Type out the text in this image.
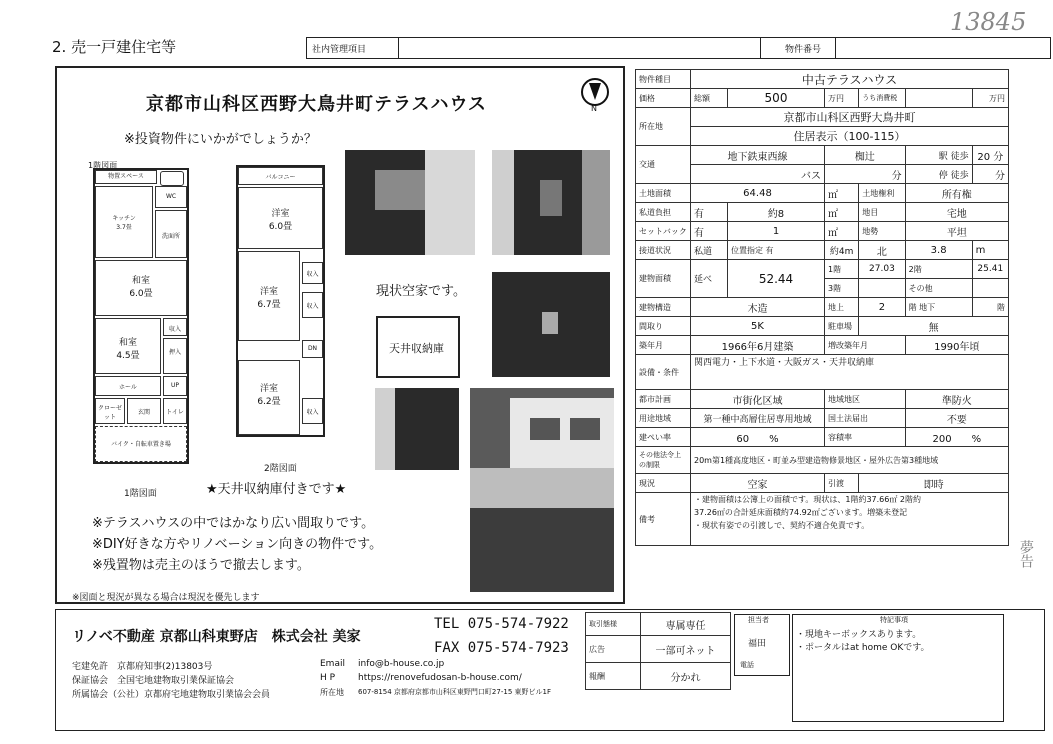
13845
2. 売一戸建住宅等	社内管理項目	物件番号
京都市山科区西野大鳥井町テラスハウス	N
※投資物件にいかがでしょうか？
1階図面
物置スペース
キッチン
3.7畳
WC
洗面所
和室
6.0畳
和室
4.5畳
収入
押入
ホール	UP
クローゼット
玄関	トイレ
バイク・自転車置き場
1階図面
バルコニー
洋室
6.0畳
洋室
6.7畳
収入
収入
DN
洋室
6.2畳
収入
2階図面
現状空家です。
天井収納庫
★天井収納庫付きです★
※テラスハウスの中ではかなり広い間取りです。
※DIY好きな方やリノベーション向きの物件です。
※残置物は売主のほうで撤去します。
※図面と現況が異なる場合は現況を優先します
物件種目	中古テラスハウス					
価格	総額	500	万円	うち消費税		万円
所在地	京都市山科区西野大鳥井町					
	住居表示（100-115）					
交通	地下鉄東西線		椥辻		駅 徒歩	20 分
	バス		分		停 徒歩	分
土地面積	64.48		㎡	土地権利	所有権	
私道負担	有	約8	㎡	地目	宅地	
セットバック	有	1	㎡	地勢	平坦	
接道状況	私道	位置指定 有	約4m	北	3.8	m
建物面積	延べ	52.44	1階	27.03	2階	25.41
			3階		その他	
建物構造	木造		地上	2	階 地下	階
間取り	5K		駐車場	無		
築年月	1966年6月建築		増改築年月		1990年頃	
設備・条件	関西電力・上下水道・大阪ガス・天井収納庫					
都市計画	市街化区域		地域地区		準防火	
用途地域	第一種中高層住居専用地域		国土法届出		不要	
建ぺい率	60　　 %		容積率		200　　 %	
その他法令上の制限	20m第1種高度地区・町並み型建造物修景地区・屋外広告第3種地域					
現況	空家		引渡	即時		
備考	・建物面積は公簿上の面積です。現状は、1階約37.66㎡ 2階約
37.26㎡の合計延床面積約74.92㎡ございます。増築未登記
・現状有姿での引渡しで、契約不適合免責です。					
夢告
リノベ不動産 京都山科東野店　株式会社 美家
TEL 075-574-7922
FAX 075-574-7923
宅建免許　京都府知事(2)13803号
保証協会　全国宅地建物取引業保証協会
所属協会（公社）京都府宅地建物取引業協会会員
Email info@b-house.co.jp
H P	https://renovefudosan-b-house.com/
所在地 607-8154 京都府京都市山科区東野門口町27-15 東野ビル1F
取引態様	専属専任
広告	一部可ネット
報酬	分かれ
担当者
福田
電話
特記事項
・現地キーボックスあります。
・ポータルはat home OKです。
